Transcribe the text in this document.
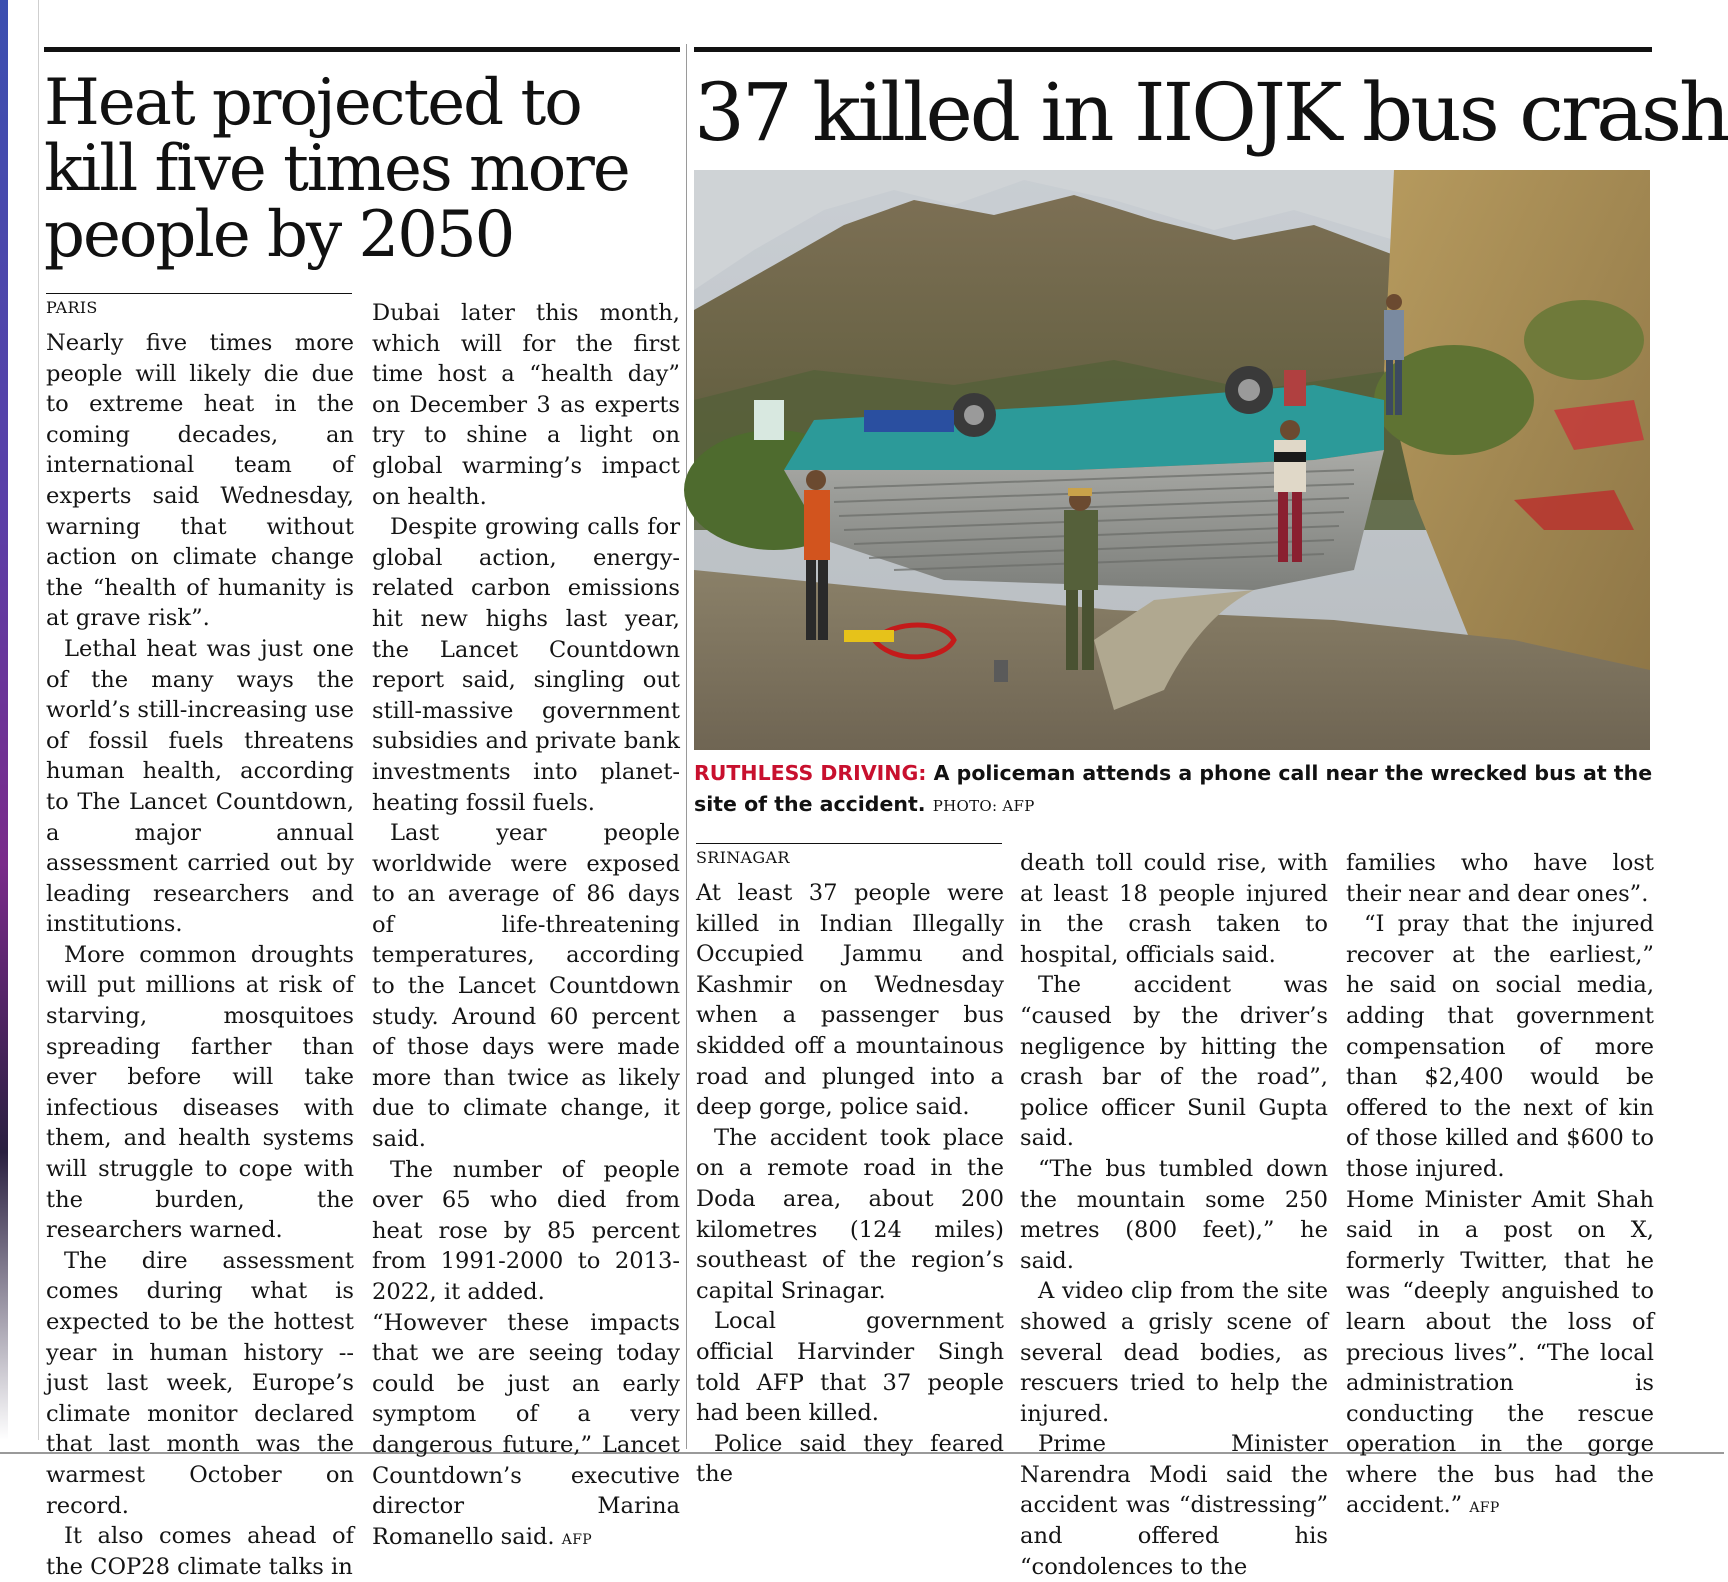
Heat projected to kill five times more people by 2050
PARIS

Nearly five times more people will likely die due to extreme heat in the coming decades, an international team of experts said Wednesday, warning that without action on climate change the “health of humanity is at grave risk”.

Lethal heat was just one of the many ways the world’s still-increasing use of fossil fuels threatens human health, according to The Lancet Countdown, a major annual assessment carried out by leading researchers and institutions.

More common droughts will put millions at risk of starving, mosquitoes spreading farther than ever before will take infectious diseases with them, and health systems will struggle to cope with the burden, the researchers warned.

The dire assessment comes during what is expected to be the hottest year in human history -- just last week, Europe’s climate monitor declared that last month was the warmest October on record.

It also comes ahead of the COP28 climate talks in

Dubai later this month, which will for the first time host a “health day” on December 3 as experts try to shine a light on global warming’s impact on health.

Despite growing calls for global action, energy-related carbon emissions hit new highs last year, the Lancet Countdown report said, singling out still-massive government subsidies and private bank investments into planet-heating fossil fuels.

Last year people worldwide were exposed to an average of 86 days of life-threatening temperatures, according to the Lancet Countdown study. Around 60 percent of those days were made more than twice as likely due to climate change, it said.

The number of people over 65 who died from heat rose by 85 percent from 1991-2000 to 2013-2022, it added.

“However these impacts that we are seeing today could be just an early symptom of a very dangerous future,” Lancet Countdown’s executive director Marina Romanello said. AFP
37 killed in IIOJK bus crash
RUTHLESS DRIVING: A policeman attends a phone call near the wrecked bus at the site of the accident. PHOTO: AFP
SRINAGAR

At least 37 people were killed in Indian Illegally Occupied Jammu and Kashmir on Wednesday when a passenger bus skidded off a mountainous road and plunged into a deep gorge, police said.

The accident took place on a remote road in the Doda area, about 200 kilometres (124 miles) southeast of the region’s capital Srinagar.

Local government official Harvinder Singh told AFP that 37 people had been killed.

Police said they feared the

death toll could rise, with at least 18 people injured in the crash taken to hospital, officials said.

The accident was “caused by the driver’s negligence by hitting the crash bar of the road”, police officer Sunil Gupta said.

“The bus tumbled down the mountain some 250 metres (800 feet),” he said.

A video clip from the site showed a grisly scene of several dead bodies, as rescuers tried to help the injured.

Prime Minister Narendra Modi said the accident was “distressing” and offered his “condolences to the

families who have lost their near and dear ones”.

“I pray that the injured recover at the earliest,” he said on social media, adding that government compensation of more than $2,400 would be offered to the next of kin of those killed and $600 to those injured.

Home Minister Amit Shah said in a post on X, formerly Twitter, that he was “deeply anguished to learn about the loss of precious lives”. “The local administration is conducting the rescue operation in the gorge where the bus had the accident.” AFP
